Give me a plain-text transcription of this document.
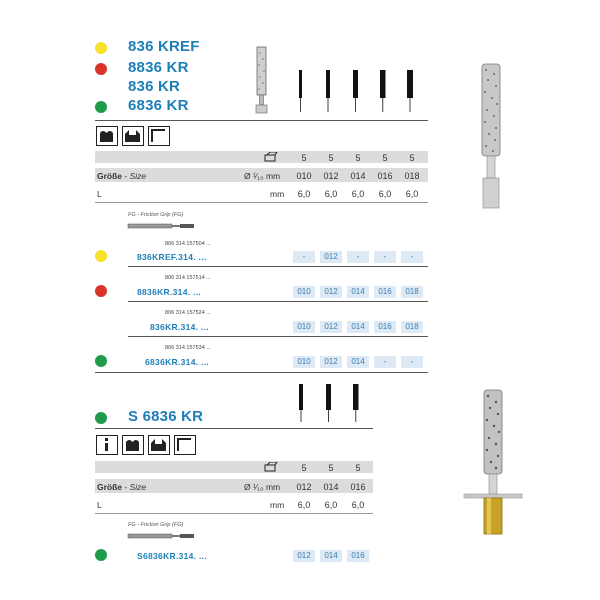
836 KREF
8836 KR
836 KR
6836 KR
5	5	5	5	5
Größe - Size	Ø ¹⁄₁₀ mm	010	012	014	016	018
L	mm	6,0	6,0	6,0	6,0	6,0
FG - Friction Grip (FG)
806 314 157504 ...
836KREF.314. ...	-	012	-	-	-
806 314 157514 ...
8836KR.314. ...	010	012	014	016	018
806 314 157524 ...
836KR.314. ...	010	012	014	016	018
806 314 157534 ...
6836KR.314. ...	010	012	014	-	-
S 6836 KR
5	5	5
Größe - Size	Ø ¹⁄₁₀ mm	012	014	016
L	mm	6,0	6,0	6,0
FG - Friction Grip (FG)
S6836KR.314. ...	012	014	016
